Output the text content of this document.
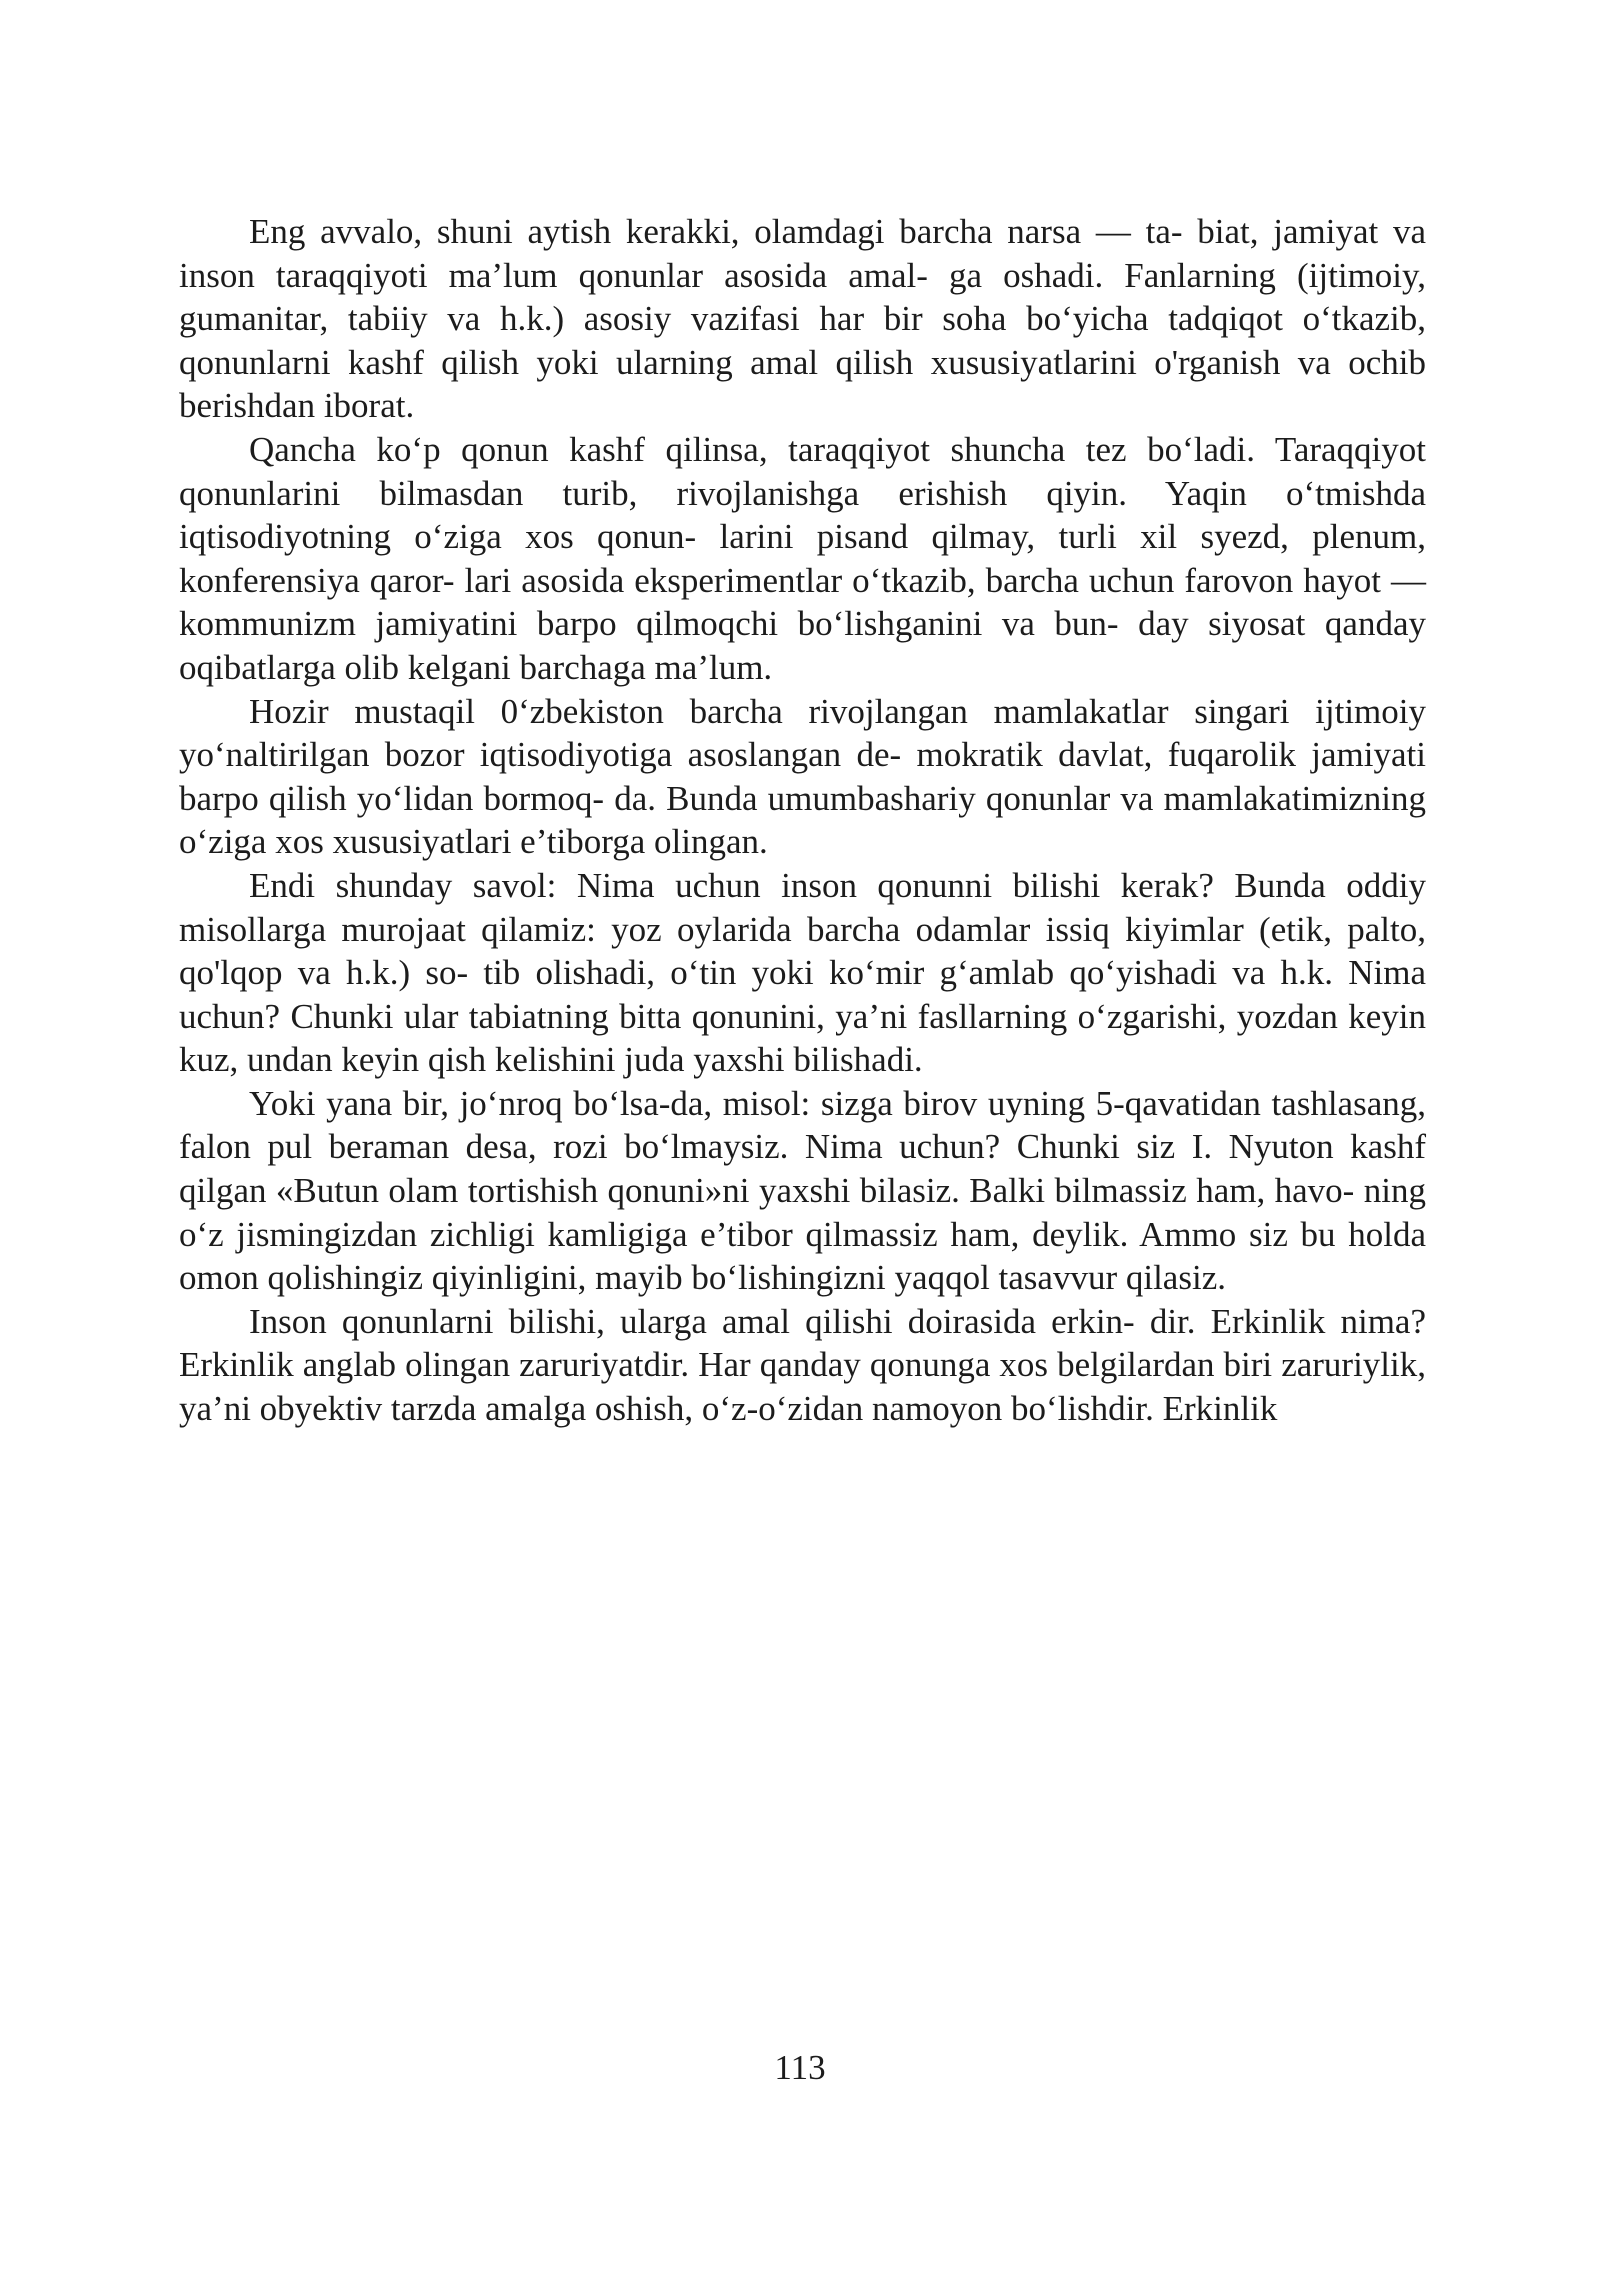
Eng avvalo, shuni aytish kerakki, olamdagi barcha narsa — ta- biat, jamiyat va inson taraqqiyoti ma’lum qonunlar asosida amal- ga oshadi. Fanlarning (ijtimoiy, gumanitar, tabiiy va h.k.) asosiy vazifasi har bir soha bo‘yicha tadqiqot o‘tkazib, qonunlarni kashf qilish yoki ularning amal qilish xususiyatlarini o'rganish va ochib berishdan iborat.

Qancha ko‘p qonun kashf qilinsa, taraqqiyot shuncha tez bo‘ladi. Taraqqiyot qonunlarini bilmasdan turib, rivojlanishga erishish qiyin. Yaqin o‘tmishda iqtisodiyotning o‘ziga xos qonun- larini pisand qilmay, turli xil syezd, plenum, konferensiya qaror- lari asosida eksperimentlar o‘tkazib, barcha uchun farovon hayot — kommunizm jamiyatini barpo qilmoqchi bo‘lishganini va bun- day siyosat qanday oqibatlarga olib kelgani barchaga ma’lum.

Hozir mustaqil 0‘zbekiston barcha rivojlangan mamlakatlar singari ijtimoiy yo‘naltirilgan bozor iqtisodiyotiga asoslangan de- mokratik davlat, fuqarolik jamiyati barpo qilish yo‘lidan bormoq- da. Bunda umumbashariy qonunlar va mamlakatimizning o‘ziga xos xususiyatlari e’tiborga olingan.

Endi shunday savol: Nima uchun inson qonunni bilishi kerak? Bunda oddiy misollarga murojaat qilamiz: yoz oylarida barcha odamlar issiq kiyimlar (etik, palto, qo'lqop va h.k.) so- tib olishadi, o‘tin yoki ko‘mir g‘amlab qo‘yishadi va h.k. Nima uchun? Chunki ular tabiatning bitta qonunini, ya’ni fasllarning o‘zgarishi, yozdan keyin kuz, undan keyin qish kelishini juda yaxshi bilishadi.

Yoki yana bir, jo‘nroq bo‘lsa-da, misol: sizga birov uyning 5-qavatidan tashlasang, falon pul beraman desa, rozi bo‘lmaysiz. Nima uchun? Chunki siz I. Nyuton kashf qilgan «Butun olam tortishish qonuni»ni yaxshi bilasiz. Balki bilmassiz ham, havo- ning o‘z jismingizdan zichligi kamligiga e’tibor qilmassiz ham, deylik. Ammo siz bu holda omon qolishingiz qiyinligini, mayib bo‘lishingizni yaqqol tasavvur qilasiz.

Inson qonunlarni bilishi, ularga amal qilishi doirasida erkin- dir. Erkinlik nima? Erkinlik anglab olingan zaruriyatdir. Har qanday qonunga xos belgilardan biri zaruriylik, ya’ni obyektiv tarzda amalga oshish, o‘z-o‘zidan namoyon bo‘lishdir. Erkinlik

113
